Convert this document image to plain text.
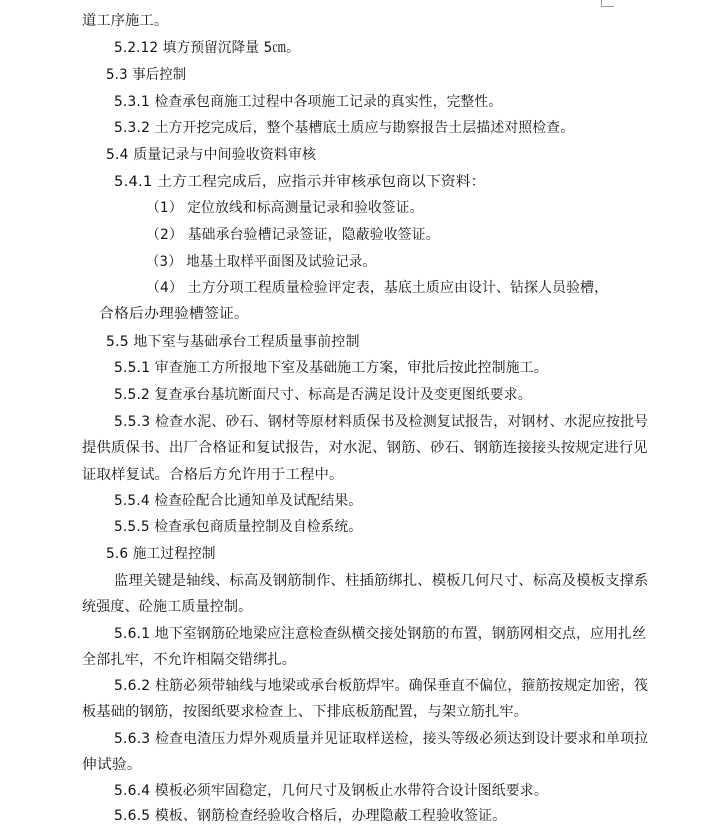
道工序施工。
5.2.12 填方预留沉降量 5㎝。
5.3 事后控制
5.3.1 检查承包商施工过程中各项施工记录的真实性，完整性。
5.3.2 土方开挖完成后，整个基槽底土质应与勘察报告土层描述对照检查。
5.4 质量记录与中间验收资料审核
5.4.1 土方工程完成后，应指示并审核承包商以下资料：
（1） 定位放线和标高测量记录和验收签证。
（2） 基础承台验槽记录签证，隐蔽验收签证。
（3） 地基土取样平面图及试验记录。
（4） 土方分项工程质量检验评定表，基底土质应由设计、钻探人员验槽，
合格后办理验槽签证。
5.5 地下室与基础承台工程质量事前控制
5.5.1 审查施工方所报地下室及基础施工方案，审批后按此控制施工。
5.5.2 复查承台基坑断面尺寸、标高是否满足设计及变更图纸要求。
5.5.3 检查水泥、砂石、钢材等原材料质保书及检测复试报告，对钢材、水泥应按批号
提供质保书、出厂合格证和复试报告，对水泥、钢筋、砂石、钢筋连接接头按规定进行见
证取样复试。合格后方允许用于工程中。
5.5.4 检查砼配合比通知单及试配结果。
5.5.5 检查承包商质量控制及自检系统。
5.6 施工过程控制
监理关键是轴线、标高及钢筋制作、柱插筋绑扎、模板几何尺寸、标高及模板支撑系
统强度、砼施工质量控制。
5.6.1 地下室钢筋砼地梁应注意检查纵横交接处钢筋的布置，钢筋网相交点，应用扎丝
全部扎牢，不允许相隔交错绑扎。
5.6.2 柱筋必须带轴线与地梁或承台板筋焊牢。确保垂直不偏位，箍筋按规定加密，筏
板基础的钢筋，按图纸要求检查上、下排底板筋配置，与架立筋扎牢。
5.6.3 检查电渣压力焊外观质量并见证取样送检，接头等级必须达到设计要求和单项拉
伸试验。
5.6.4 模板必须牢固稳定，几何尺寸及钢板止水带符合设计图纸要求。
5.6.5 模板、钢筋检查经验收合格后，办理隐蔽工程验收签证。
